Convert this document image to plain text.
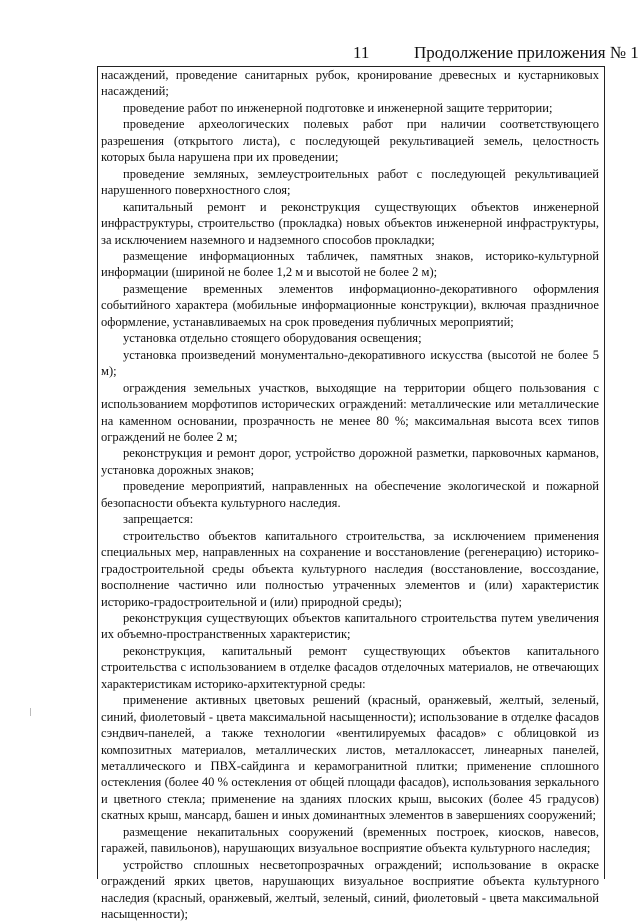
11	Продолжение приложения № 1

насаждений, проведение санитарных рубок, кронирование древесных и кустарниковых насаждений;

проведение работ по инженерной подготовке и инженерной защите территории;

проведение археологических полевых работ при наличии соответствующего разрешения (открытого листа), с последующей рекультивацией земель, целостность которых была нарушена при их проведении;

проведение земляных, землеустроительных работ с последующей рекультивацией нарушенного поверхностного слоя;

капитальный ремонт и реконструкция существующих объектов инженерной инфраструктуры, строительство (прокладка) новых объектов инженерной инфраструктуры, за исключением наземного и надземного способов прокладки;

размещение информационных табличек, памятных знаков, историко-культурной информации (шириной не более 1,2 м и высотой не более 2 м);

размещение временных элементов информационно-декоративного оформления событийного характера (мобильные информационные конструкции), включая праздничное оформление, устанавливаемых на срок проведения публичных мероприятий;

установка отдельно стоящего оборудования освещения;

установка произведений монументально-декоративного искусства (высотой не более 5 м);

ограждения земельных участков, выходящие на территории общего пользования с использованием морфотипов исторических ограждений: металлические или металлические на каменном основании, прозрачность не менее 80 %; максимальная высота всех типов ограждений не более 2 м;

реконструкция и ремонт дорог, устройство дорожной разметки, парковочных карманов, установка дорожных знаков;

проведение мероприятий, направленных на обеспечение экологической и пожарной безопасности объекта культурного наследия.

запрещается:

строительство объектов капитального строительства, за исключением применения специальных мер, направленных на сохранение и восстановление (регенерацию) историко-градостроительной среды объекта культурного наследия (восстановление, воссоздание, восполнение частично или полностью утраченных элементов и (или) характеристик историко-градостроительной и (или) природной среды);

реконструкция существующих объектов капитального строительства путем увеличения их объемно-пространственных характеристик;

реконструкция, капитальный ремонт существующих объектов капитального строительства с использованием в отделке фасадов отделочных материалов, не отвечающих характеристикам историко-архитектурной среды:

применение активных цветовых решений (красный, оранжевый, желтый, зеленый, синий, фиолетовый - цвета максимальной насыщенности); использование в отделке фасадов сэндвич-панелей, а также технологии «вентилируемых фасадов» с облицовкой из композитных материалов, металлических листов, металлокассет, линеарных панелей, металлического и ПВХ-сайдинга и керамогранитной плитки; применение сплошного остекления (более 40 % остекления от общей площади фасадов), использования зеркального и цветного стекла; применение на зданиях плоских крыш, высоких (более 45 градусов) скатных крыш, мансард, башен и иных доминантных элементов в завершениях сооружений;

размещение некапитальных сооружений (временных построек, киосков, навесов, гаражей, павильонов), нарушающих визуальное восприятие объекта культурного наследия;

устройство сплошных несветопрозрачных ограждений; использование в окраске ограждений ярких цветов, нарушающих визуальное восприятие объекта культурного наследия (красный, оранжевый, желтый, зеленый, синий, фиолетовый - цвета максимальной насыщенности);
